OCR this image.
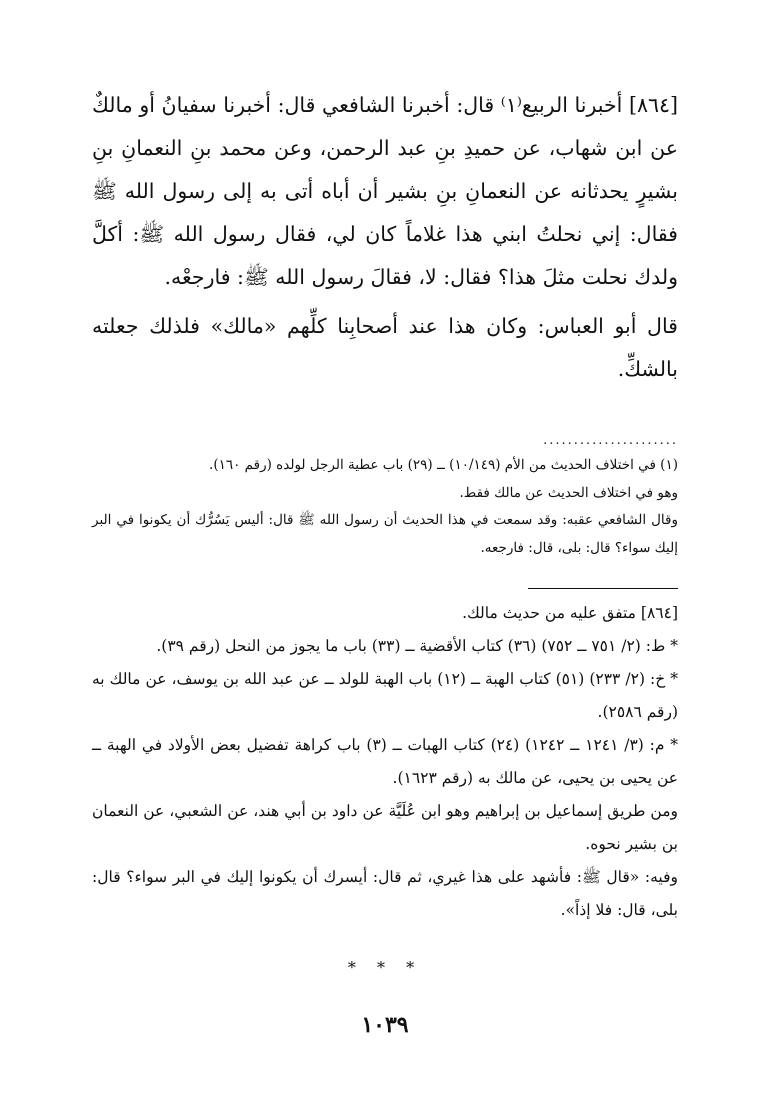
[٨٦٤] أخبرنا الربيع⁽١⁾ قال: أخبرنا الشافعي قال: أخبرنا سفيانُ أو مالكٌ عن ابن شهاب، عن حميدِ بنِ عبد الرحمن، وعن محمد بنِ النعمانِ بنِ بشيرٍ يحدثانه عن النعمانِ بنِ بشير أن أباه أتى به إلى رسول الله ﷺ فقال: إني نحلتُ ابني هذا غلاماً كان لي، فقال رسول الله ﷺ: أكلَّ ولدك نحلت مثلَ هذا؟ فقال: لا، فقالَ رسول الله ﷺ: فارجعْه.

قال أبو العباس: وكان هذا عند أصحابِنا كلِّهم «مالك» فلذلك جعلته بالشكِّ.

......................

(١) في اختلاف الحديث من الأم (١٠/١٤٩) ــ (٢٩) باب عطية الرجل لولده (رقم ١٦٠).

وهو في اختلاف الحديث عن مالك فقط.

وقال الشافعي عقبه: وقد سمعت في هذا الحديث أن رسول الله ﷺ قال: أليس يَسُرُّك أن يكونوا في البر إليك سواء؟ قال: بلى، قال: فارجعه.

[٨٦٤] متفق عليه من حديث مالك.

* ط: (٢/ ٧٥١ ــ ٧٥٢) (٣٦) كتاب الأقضية ــ (٣٣) باب ما يجوز من النحل (رقم ٣٩).

* خ: (٢/ ٢٣٣) (٥١) كتاب الهبة ــ (١٢) باب الهبة للولد ــ عن عبد الله بن يوسف، عن مالك به (رقم ٢٥٨٦).

* م: (٣/ ١٢٤١ ــ ١٢٤٢) (٢٤) كتاب الهبات ــ (٣) باب كراهة تفضيل بعض الأولاد في الهبة ــ عن يحيى بن يحيى، عن مالك به (رقم ١٦٢٣).

ومن طريق إسماعيل بن إبراهيم وهو ابن عُلَيَّة عن داود بن أبي هند، عن الشعبي، عن النعمان بن بشير نحوه.

وفيه: «قال ﷺ: فأشهد على هذا غيري، ثم قال: أيسرك أن يكونوا إليك في البر سواء؟ قال: بلى، قال: فلا إذاً».

* * *
١٠٣٩
